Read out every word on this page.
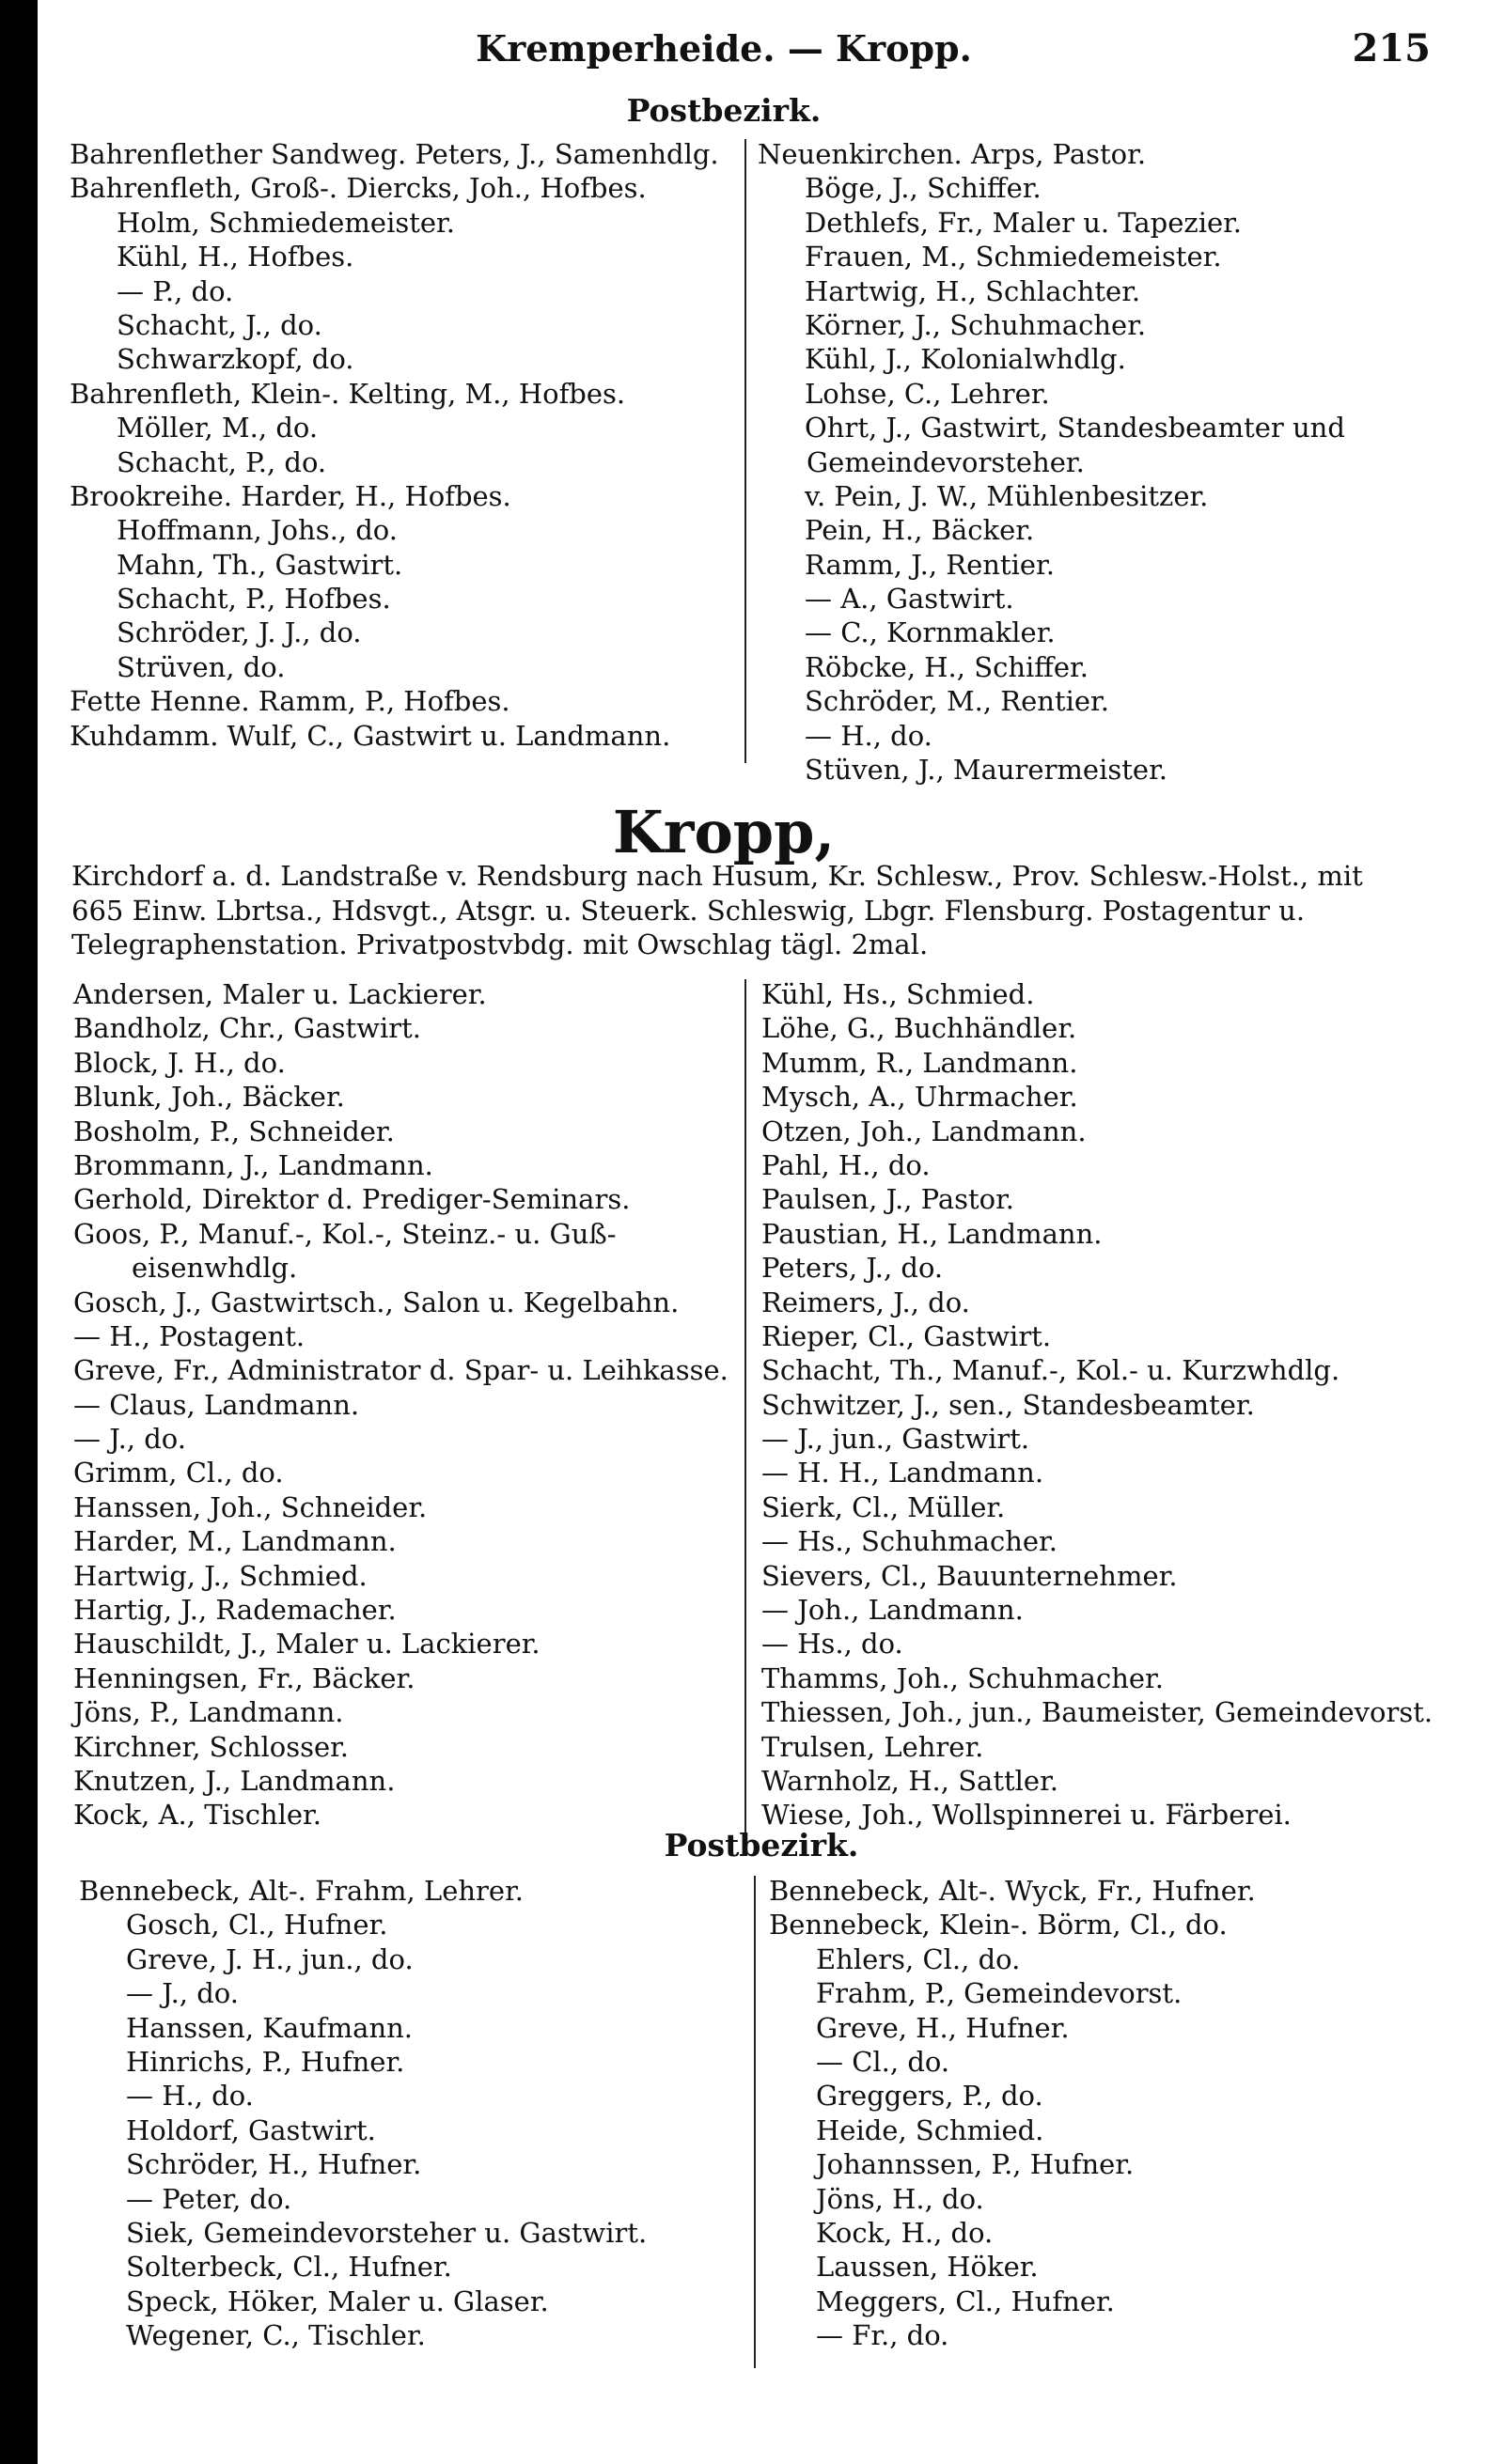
Kremperheide. — Kropp.	215
Postbezirk.
Bahrenflether Sandweg. Peters, J., Samenhdlg.
Bahrenfleth, Groß-. Diercks, Joh., Hofbes.
Holm, Schmiedemeister.
Kühl, H., Hofbes.
— P., do.
Schacht, J., do.
Schwarzkopf, do.
Bahrenfleth, Klein-. Kelting, M., Hofbes.
Möller, M., do.
Schacht, P., do.
Brookreihe. Harder, H., Hofbes.
Hoffmann, Johs., do.
Mahn, Th., Gastwirt.
Schacht, P., Hofbes.
Schröder, J. J., do.
Strüven, do.
Fette Henne. Ramm, P., Hofbes.
Kuhdamm. Wulf, C., Gastwirt u. Landmann.
Neuenkirchen. Arps, Pastor.
Böge, J., Schiffer.
Dethlefs, Fr., Maler u. Tapezier.
Frauen, M., Schmiedemeister.
Hartwig, H., Schlachter.
Körner, J., Schuhmacher.
Kühl, J., Kolonialwhdlg.
Lohse, C., Lehrer.
Ohrt, J., Gastwirt, Standesbeamter und
Gemeindevorsteher.
v. Pein, J. W., Mühlenbesitzer.
Pein, H., Bäcker.
Ramm, J., Rentier.
— A., Gastwirt.
— C., Kornmakler.
Röbcke, H., Schiffer.
Schröder, M., Rentier.
— H., do.
Stüven, J., Maurermeister.
Kropp,
Kirchdorf a. d. Landstraße v. Rendsburg nach Husum, Kr. Schlesw., Prov. Schlesw.-Holst., mit
665 Einw. Lbrtsa., Hdsvgt., Atsgr. u. Steuerk. Schleswig, Lbgr. Flensburg. Postagentur u.
Telegraphenstation. Privatpostvbdg. mit Owschlag tägl. 2mal.
Andersen, Maler u. Lackierer.
Bandholz, Chr., Gastwirt.
Block, J. H., do.
Blunk, Joh., Bäcker.
Bosholm, P., Schneider.
Brommann, J., Landmann.
Gerhold, Direktor d. Prediger-Seminars.
Goos, P., Manuf.-, Kol.-, Steinz.- u. Guß-
eisenwhdlg.
Gosch, J., Gastwirtsch., Salon u. Kegelbahn.
— H., Postagent.
Greve, Fr., Administrator d. Spar- u. Leihkasse.
— Claus, Landmann.
— J., do.
Grimm, Cl., do.
Hanssen, Joh., Schneider.
Harder, M., Landmann.
Hartwig, J., Schmied.
Hartig, J., Rademacher.
Hauschildt, J., Maler u. Lackierer.
Henningsen, Fr., Bäcker.
Jöns, P., Landmann.
Kirchner, Schlosser.
Knutzen, J., Landmann.
Kock, A., Tischler.
Kühl, Hs., Schmied.
Löhe, G., Buchhändler.
Mumm, R., Landmann.
Mysch, A., Uhrmacher.
Otzen, Joh., Landmann.
Pahl, H., do.
Paulsen, J., Pastor.
Paustian, H., Landmann.
Peters, J., do.
Reimers, J., do.
Rieper, Cl., Gastwirt.
Schacht, Th., Manuf.-, Kol.- u. Kurzwhdlg.
Schwitzer, J., sen., Standesbeamter.
— J., jun., Gastwirt.
— H. H., Landmann.
Sierk, Cl., Müller.
— Hs., Schuhmacher.
Sievers, Cl., Bauunternehmer.
— Joh., Landmann.
— Hs., do.
Thamms, Joh., Schuhmacher.
Thiessen, Joh., jun., Baumeister, Gemeindevorst.
Trulsen, Lehrer.
Warnholz, H., Sattler.
Wiese, Joh., Wollspinnerei u. Färberei.
Postbezirk.
Bennebeck, Alt-. Frahm, Lehrer.
Gosch, Cl., Hufner.
Greve, J. H., jun., do.
— J., do.
Hanssen, Kaufmann.
Hinrichs, P., Hufner.
— H., do.
Holdorf, Gastwirt.
Schröder, H., Hufner.
— Peter, do.
Siek, Gemeindevorsteher u. Gastwirt.
Solterbeck, Cl., Hufner.
Speck, Höker, Maler u. Glaser.
Wegener, C., Tischler.
Bennebeck, Alt-. Wyck, Fr., Hufner.
Bennebeck, Klein-. Börm, Cl., do.
Ehlers, Cl., do.
Frahm, P., Gemeindevorst.
Greve, H., Hufner.
— Cl., do.
Greggers, P., do.
Heide, Schmied.
Johannssen, P., Hufner.
Jöns, H., do.
Kock, H., do.
Laussen, Höker.
Meggers, Cl., Hufner.
— Fr., do.
